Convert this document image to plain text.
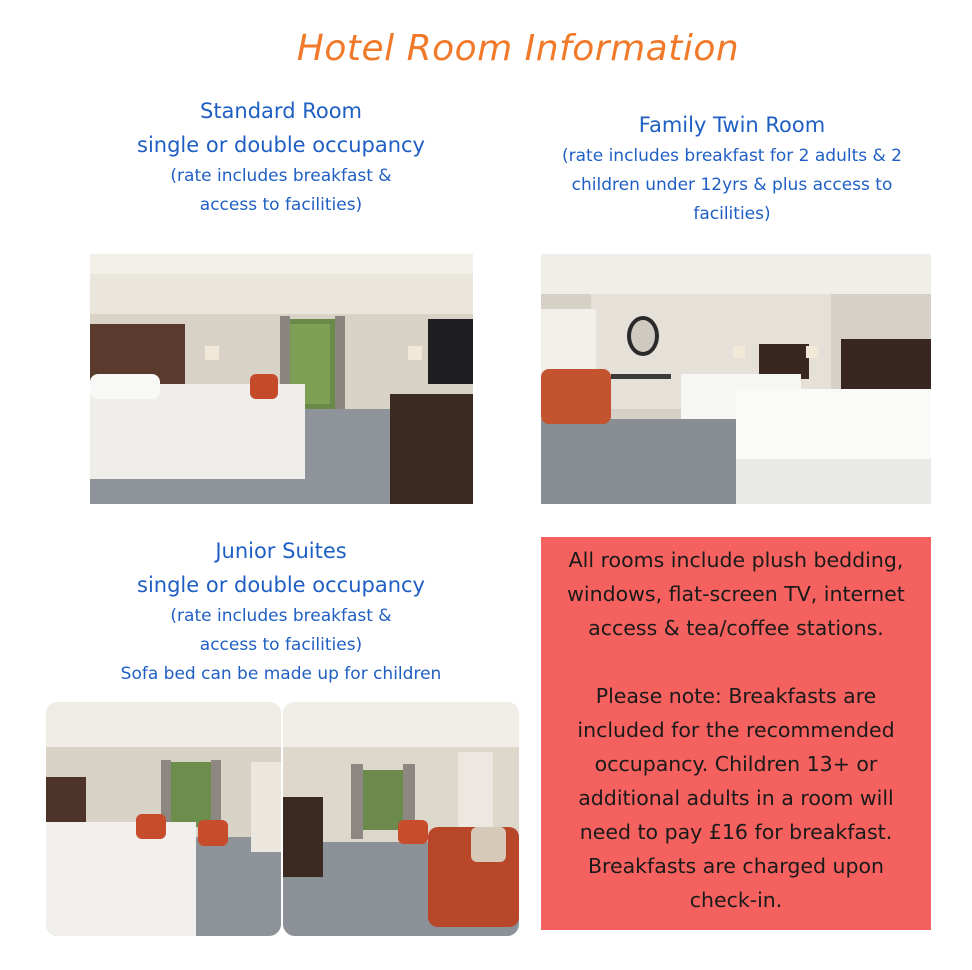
Hotel Room Information
Standard Room
single or double occupancy
(rate includes breakfast &
access to facilities)
Family Twin Room
(rate includes breakfast for 2 adults & 2
children under 12yrs & plus access to
facilities)
Junior Suites
single or double occupancy
(rate includes breakfast &
access to facilities)
Sofa bed can be made up for children

All rooms include plush bedding,

windows, flat-screen TV, internet

access & tea/coffee stations.

Please note: Breakfasts are

included for the recommended

occupancy. Children 13+ or

additional adults in a room will

need to pay £16 for breakfast.

Breakfasts are charged upon

check-in.
